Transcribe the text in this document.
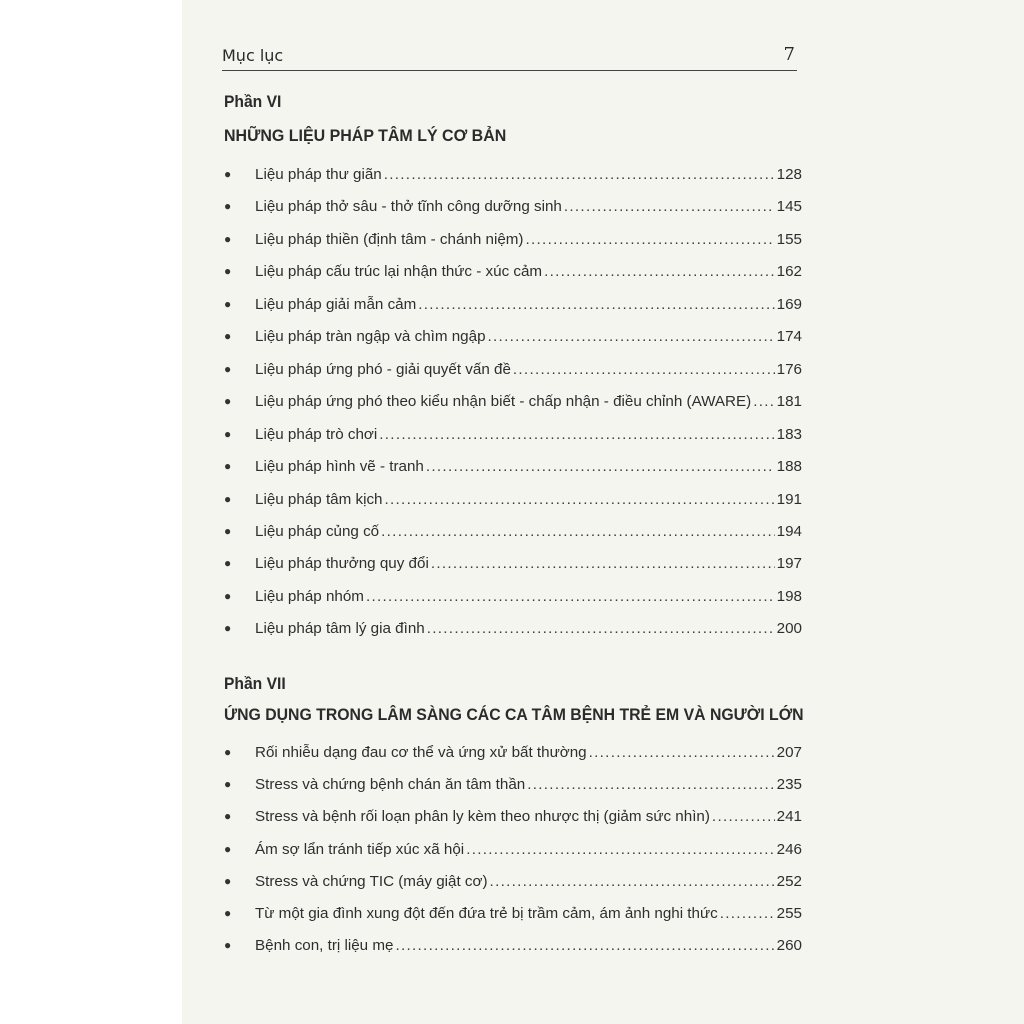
Mục lục	7
Phần VI
NHỮNG LIỆU PHÁP TÂM LÝ CƠ BẢN
●	Liệu pháp thư giãn .....	128
●	Liệu pháp thở sâu - thở tĩnh công dưỡng sinh .....	145
●	Liệu pháp thiền (định tâm - chánh niệm) .....	155
●	Liệu pháp cấu trúc lại nhận thức - xúc cảm .....	162
●	Liệu pháp giải mẫn cảm .....	169
●	Liệu pháp tràn ngập và chìm ngập .....	174
●	Liệu pháp ứng phó - giải quyết vấn đề .....	176
●	Liệu pháp ứng phó theo kiểu nhận biết - chấp nhận - điều chỉnh (AWARE) ..... 181
●	Liệu pháp trò chơi .....	183
●	Liệu pháp hình vẽ - tranh .....	188
●	Liệu pháp tâm kịch .....	191
●	Liệu pháp củng cố .....	194
●	Liệu pháp thưởng quy đổi .....	197
●	Liệu pháp nhóm .....	198
●	Liệu pháp tâm lý gia đình .....	200
Phần VII
ỨNG DỤNG TRONG LÂM SÀNG CÁC CA TÂM BỆNH TRẺ EM VÀ NGƯỜI LỚN
●	Rối nhiễu dạng đau cơ thể và ứng xử bất thường .....	207
●	Stress và chứng bệnh chán ăn tâm thần .....	235
●	Stress và bệnh rối loạn phân ly kèm theo nhược thị (giảm sức nhìn) .....	241
●	Ám sợ lẩn tránh tiếp xúc xã hội .....	246
●	Stress và chứng TIC (máy giật cơ) .....	252
●	Từ một gia đình xung đột đến đứa trẻ bị trầm cảm, ám ảnh nghi thức .....	255
●	Bệnh con, trị liệu mẹ .....	260
